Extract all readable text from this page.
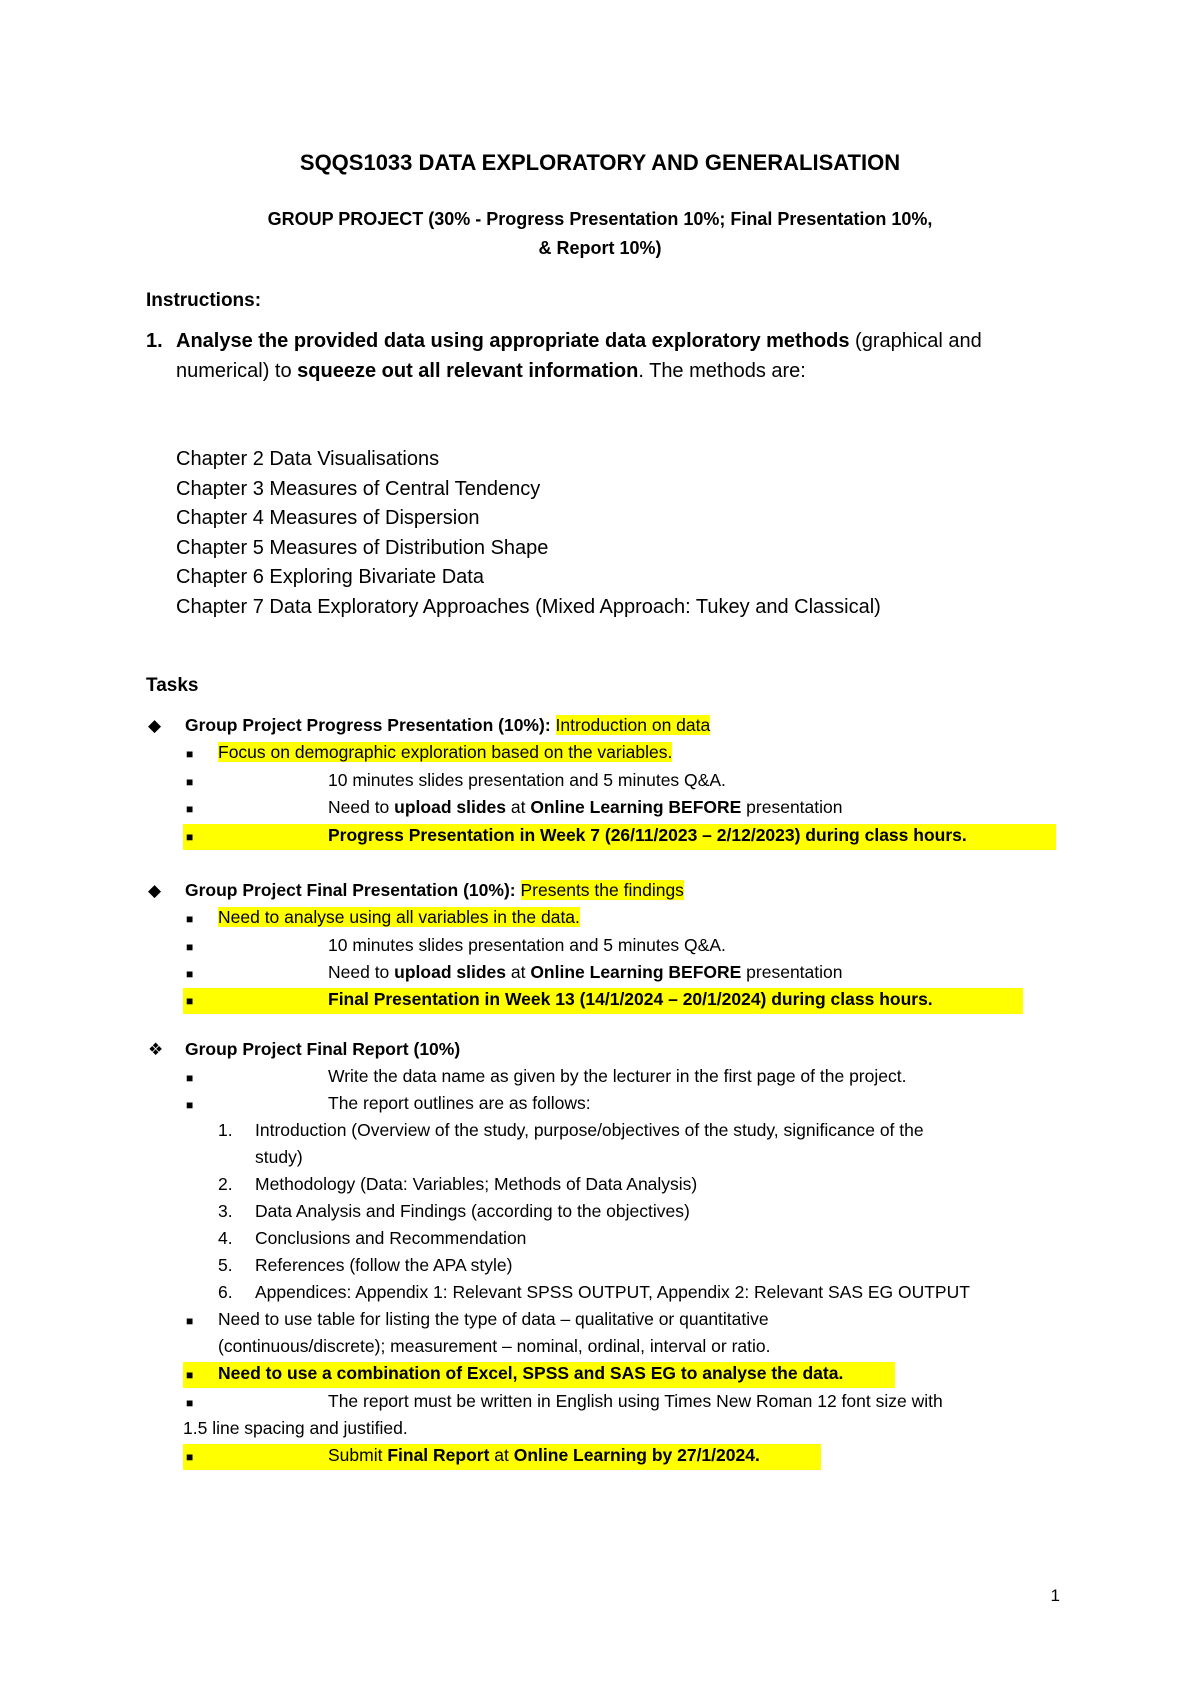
SQQS1033 DATA EXPLORATORY AND GENERALISATION
GROUP PROJECT (30% - Progress Presentation 10%; Final Presentation 10%,
& Report 10%)
Instructions:
1. Analyse the provided data using appropriate data exploratory methods (graphical and numerical) to squeeze out all relevant information. The methods are:
Chapter 2 Data Visualisations
Chapter 3 Measures of Central Tendency
Chapter 4 Measures of Dispersion
Chapter 5 Measures of Distribution Shape
Chapter 6 Exploring Bivariate Data
Chapter 7 Data Exploratory Approaches (Mixed Approach: Tukey and Classical)
Tasks
◆ Group Project Progress Presentation (10%): Introduction on data
■ Focus on demographic exploration based on the variables.
■	10 minutes slides presentation and 5 minutes Q&A.
■	Need to upload slides at Online Learning BEFORE presentation
■	Progress Presentation in Week 7 (26/11/2023 – 2/12/2023) during class hours.
◆ Group Project Final Presentation (10%): Presents the findings
■ Need to analyse using all variables in the data.
■	10 minutes slides presentation and 5 minutes Q&A.
■	Need to upload slides at Online Learning BEFORE presentation
■	Final Presentation in Week 13 (14/1/2024 – 20/1/2024) during class hours.
❖ Group Project Final Report (10%)
■	Write the data name as given by the lecturer in the first page of the project.
■	The report outlines are as follows:
1. Introduction (Overview of the study, purpose/objectives of the study, significance of the
study)
2. Methodology (Data: Variables; Methods of Data Analysis)
3. Data Analysis and Findings (according to the objectives)
4. Conclusions and Recommendation
5. References (follow the APA style)
6. Appendices: Appendix 1: Relevant SPSS OUTPUT, Appendix 2: Relevant SAS EG OUTPUT
■ Need to use table for listing the type of data – qualitative or quantitative
(continuous/discrete); measurement – nominal, ordinal, interval or ratio.
■ Need to use a combination of Excel, SPSS and SAS EG to analyse the data.
■	The report must be written in English using Times New Roman 12 font size with
1.5 line spacing and justified.
■	Submit Final Report at Online Learning by 27/1/2024.
1
